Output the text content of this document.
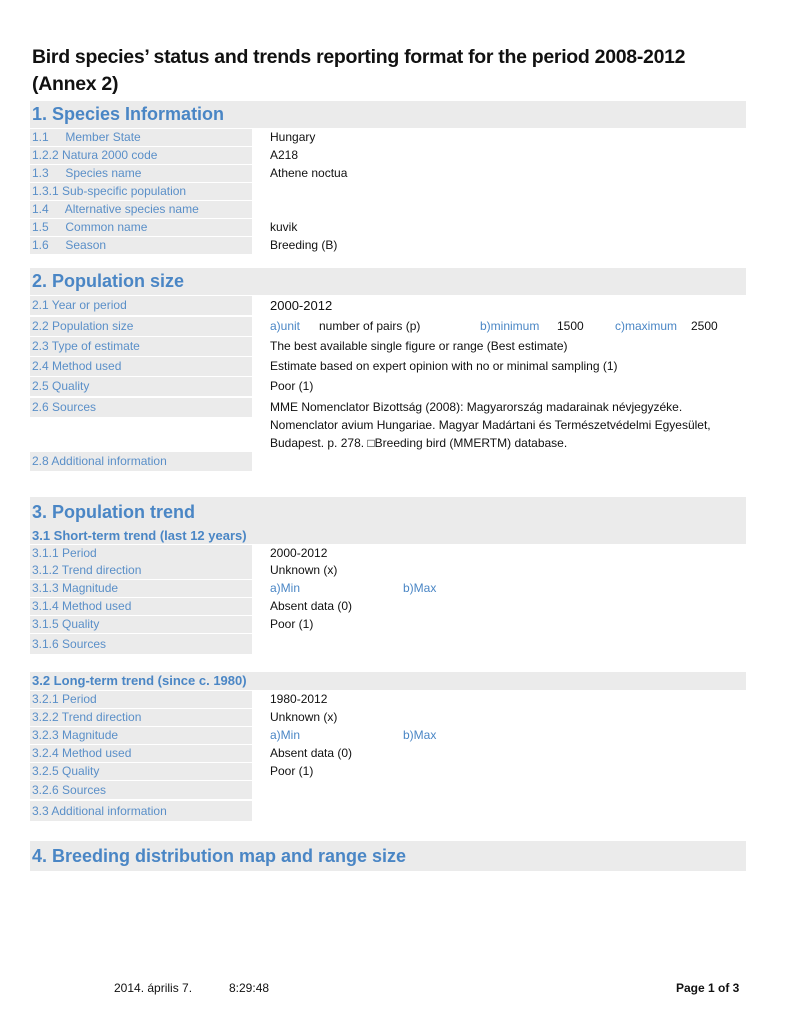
Bird species’ status and trends reporting format for the period 2008-2012 (Annex 2)
1. Species Information
1.1     Member State	Hungary
1.2.2 Natura 2000 code	A218
1.3     Species name	Athene noctua
1.3.1 Sub-specific population
1.4     Alternative species name
1.5     Common name	kuvik
1.6     Season	Breeding (B)
2. Population size
2.1 Year or period	2000-2012
2.2 Population size	a)unit number of pairs (p)	b)minimum 1500	c)maximum 2500
2.3 Type of estimate	The best available single figure or range (Best estimate)
2.4 Method used	Estimate based on expert opinion with no or minimal sampling (1)
2.5 Quality	Poor (1)
2.6 Sources	MME Nomenclator Bizottság (2008): Magyarország madarainak névjegyzéke. Nomenclator avium Hungariae. Magyar Madártani és Természetvédelmi Egyesület, Budapest. p. 278. □Breeding bird (MMERTM) database.
2.8 Additional information
3. Population trend
3.1 Short-term trend (last 12 years)
3.1.1 Period	2000-2012
3.1.2 Trend direction	Unknown (x)
3.1.3 Magnitude	a)Min	b)Max
3.1.4 Method used	Absent data (0)
3.1.5 Quality	Poor (1)
3.1.6 Sources
3.2 Long-term trend (since c. 1980)
3.2.1 Period	1980-2012
3.2.2 Trend direction	Unknown (x)
3.2.3 Magnitude	a)Min	b)Max
3.2.4 Method used	Absent data (0)
3.2.5 Quality	Poor (1)
3.2.6 Sources
3.3 Additional information
4. Breeding distribution map and range size
2014. április 7.	8:29:48	Page 1 of 3
